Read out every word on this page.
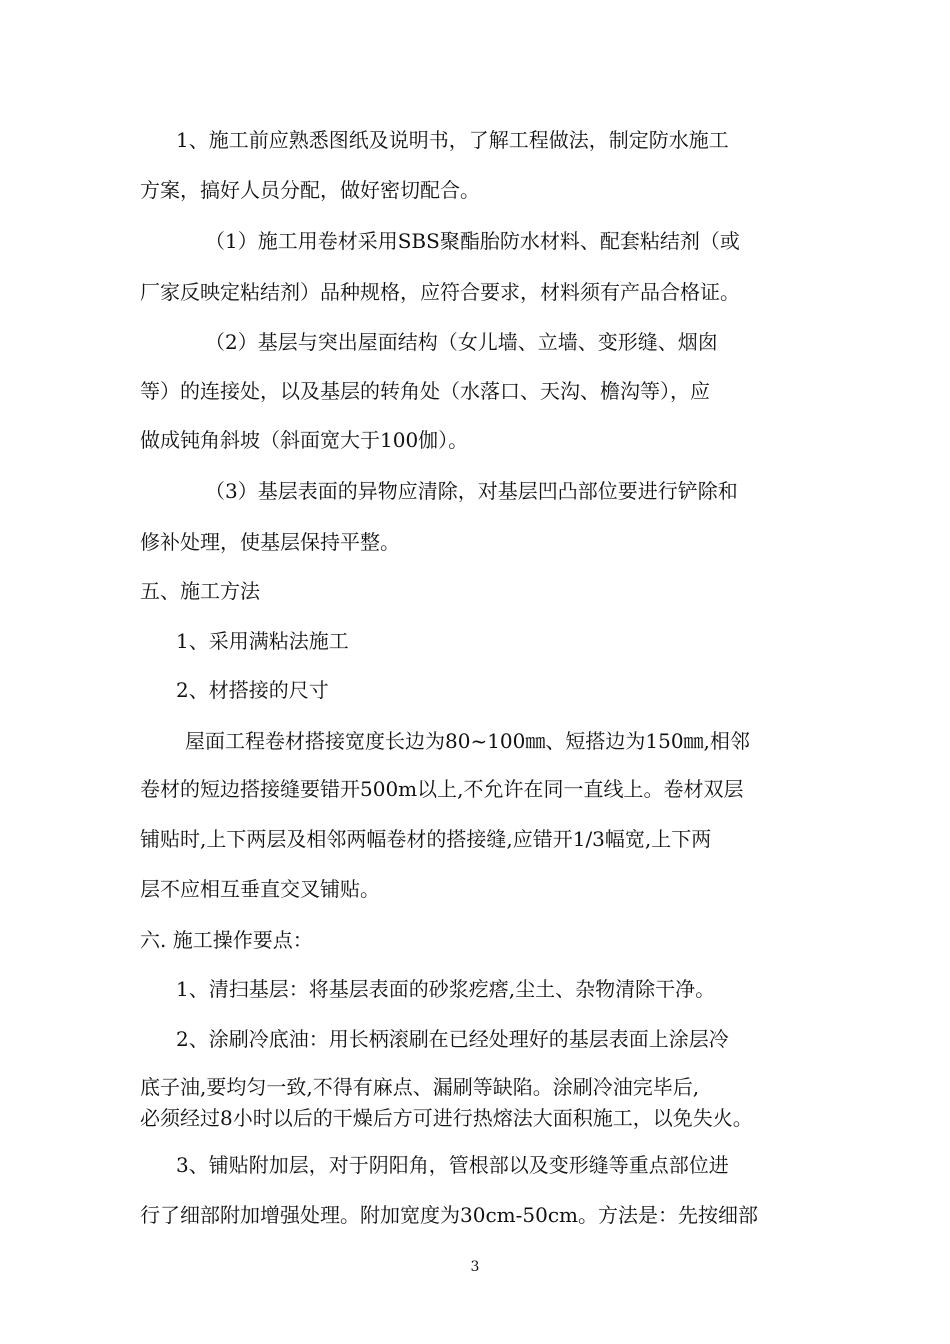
1、施工前应熟悉图纸及说明书，了解工程做法，制定防水施工
方案，搞好人员分配，做好密切配合。
（1）施工用卷材采用SBS聚酯胎防水材料、配套粘结剂（或
厂家反映定粘结剂）品种规格，应符合要求，材料须有产品合格证。
（2）基层与突出屋面结构（女儿墙、立墙、变形缝、烟囱
等）的连接处，以及基层的转角处（水落口、天沟、檐沟等），应
做成钝角斜坡（斜面宽大于100伽）。
（3）基层表面的异物应清除，对基层凹凸部位要进行铲除和
修补处理，使基层保持平整。
五、施工方法
1、采用满粘法施工
2、材搭接的尺寸
屋面工程卷材搭接宽度长边为80~100㎜、短搭边为150㎜,相邻
卷材的短边搭接缝要错开500m以上,不允许在同一直线上。卷材双层
铺贴时,上下两层及相邻两幅卷材的搭接缝,应错开1/3幅宽,上下两
层不应相互垂直交叉铺贴。
六. 施工操作要点：
1、清扫基层：将基层表面的砂浆疙瘩,尘土、杂物清除干净。
2、涂刷冷底油：用长柄滚刷在已经处理好的基层表面上涂层冷
底子油,要均匀一致,不得有麻点、漏刷等缺陷。涂刷冷油完毕后,
必须经过8小时以后的干燥后方可进行热熔法大面积施工，以免失火。
3、铺贴附加层，对于阴阳角，管根部以及变形缝等重点部位进
行了细部附加增强处理。附加宽度为30cm-50cm。方法是：先按细部
3
